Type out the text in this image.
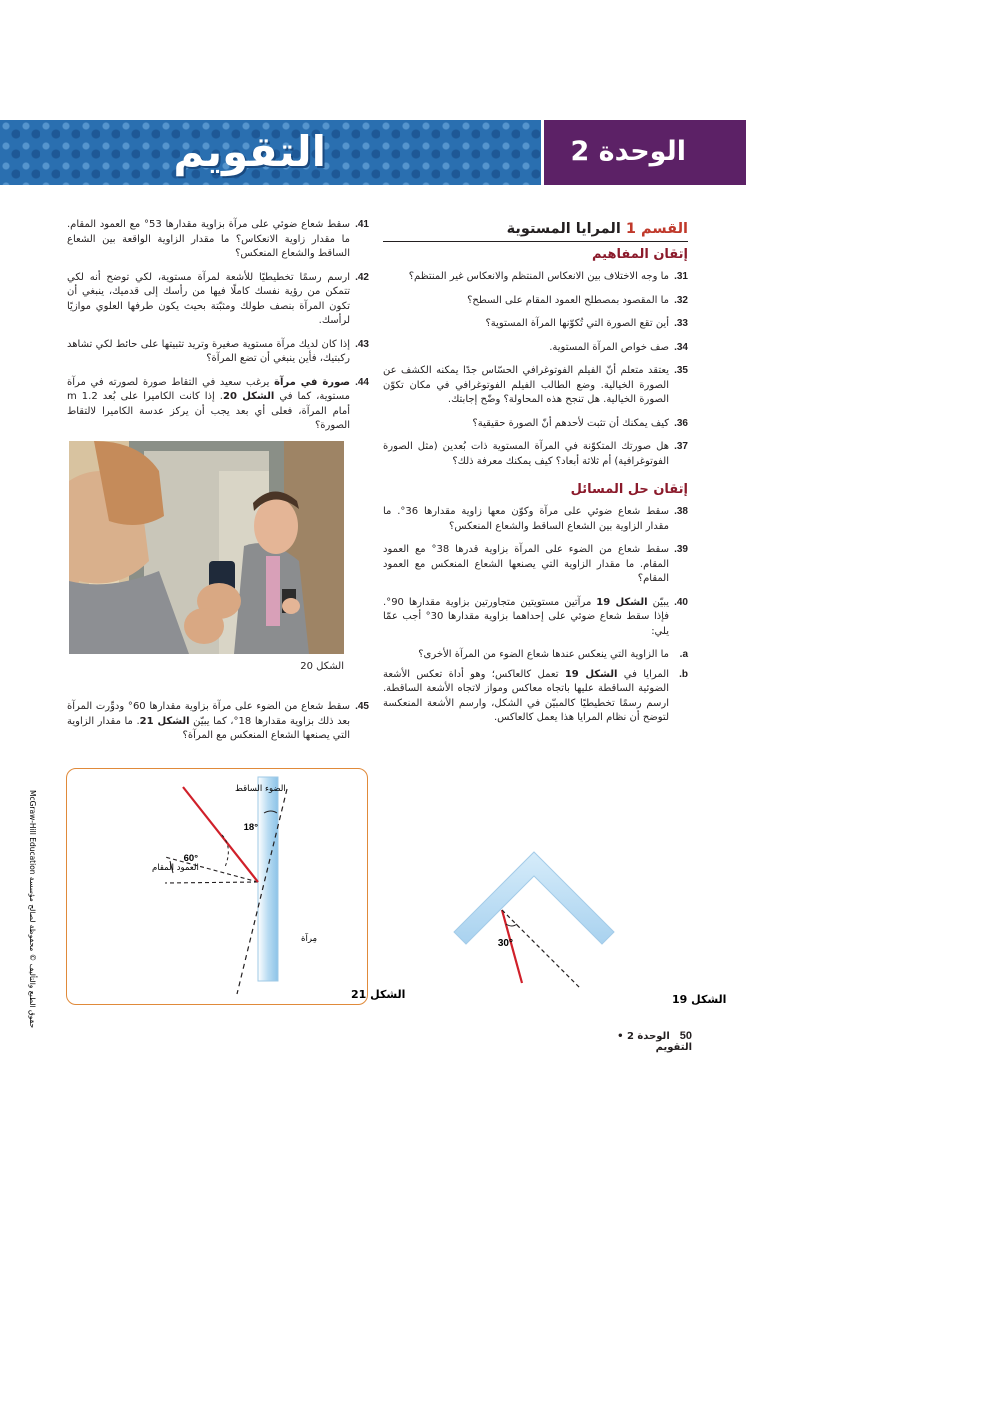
التقويم	الوحدة 2
القسم 1 المرايا المستوية
إتقان المفاهيم
31.
ما وجه الاختلاف بين الانعكاس المنتظم والانعكاس غير المنتظم؟
32.
ما المقصود بمصطلح العمود المقام على السطح؟
33.
أين تقع الصورة التي تُكوّنها المرآة المستوية؟
34.
صف خواص المرآة المستوية.
35.
يعتقد متعلم أنّ الفيلم الفوتوغرافي الحسّاس جدًا يمكنه الكشف عن الصورة الخيالية. وضع الطالب الفيلم الفوتوغرافي في مكان تكوّن الصورة الخيالية. هل تنجح هذه المحاولة؟ وضّح إجابتك.
36.
كيف يمكنك أن تثبت لأحدهم أنّ الصورة حقيقية؟
37.
هل صورتك المتكوّنة في المرآة المستوية ذات بُعدين (مثل الصورة الفوتوغرافية) أم ثلاثة أبعاد؟ كيف يمكنك معرفة ذلك؟
إتقان حل المسائل
38.
سقط شعاع ضوئي على مرآة وكوّن معها زاوية مقدارها 36°. ما مقدار الزاوية بين الشعاع الساقط والشعاع المنعكس؟
39.
سقط شعاع من الضوء على المرآة بزاوية قدرها 38° مع العمود المقام. ما مقدار الزاوية التي يصنعها الشعاع المنعكس مع العمود المقام؟
40.
يبيّن الشكل 19 مرآتين مستويتين متجاورتين بزاوية مقدارها 90°. فإذا سقط شعاع ضوئي على إحداهما بزاوية مقدارها 30° أجب عمّا يلي:
a.
ما الزاوية التي ينعكس عندها شعاع الضوء من المرآة الأخرى؟
b.
المرايا في الشكل 19 تعمل كالعاكس؛ وهو أداة تعكس الأشعة الضوئية الساقطة عليها باتجاه معاكس ومواز لاتجاه الأشعة الساقطة. ارسم رسمًا تخطيطيًا كالمبيّن في الشكل، وارسم الأشعة المنعكسة لتوضح أن نظام المرايا هذا يعمل كالعاكس.
41.
سقط شعاع ضوئي على مرآة بزاوية مقدارها 53° مع العمود المقام. ما مقدار زاوية الانعكاس؟ ما مقدار الزاوية الواقعة بين الشعاع الساقط والشعاع المنعكس؟
42.
ارسم رسمًا تخطيطيًا للأشعة لمرآة مستوية، لكي توضح أنه لكي تتمكن من رؤية نفسك كاملًا فيها من رأسك إلى قدميك، ينبغي أن تكون المرآة بنصف طولك ومثبّتة بحيث يكون طرفها العلوي موازيًا لرأسك.
43.
إذا كان لديك مرآة مستوية صغيرة وتريد تثبيتها على حائط لكي تشاهد ركبتيك، فأين ينبغي أن تضع المرآة؟
44.
صورة في مرآة يرغب سعيد في التقاط صورة لصورته في مرآة مستوية، كما في الشكل 20. إذا كانت الكاميرا على بُعد 1.2 m أمام المرآة، فعلى أي بعد يجب أن يركز عدسة الكاميرا لالتقاط الصورة؟
الشكل 20
45.
سقط شعاع من الضوء على مرآة بزاوية مقدارها 60° ودوِّرت المرآة بعد ذلك بزاوية مقدارها 18°، كما يبيّن الشكل 21. ما مقدار الزاوية التي يصنعها الشعاع المنعكس مع المرآة؟
الضوء الساقط
العمود المقام
مِرآة
18°
60°
الشكل 21
30°
الشكل 19
حقوق الطبع والتأليف © محفوظة لصالح مؤسسة McGraw-Hill Education
50الوحدة 2 • التقويم
